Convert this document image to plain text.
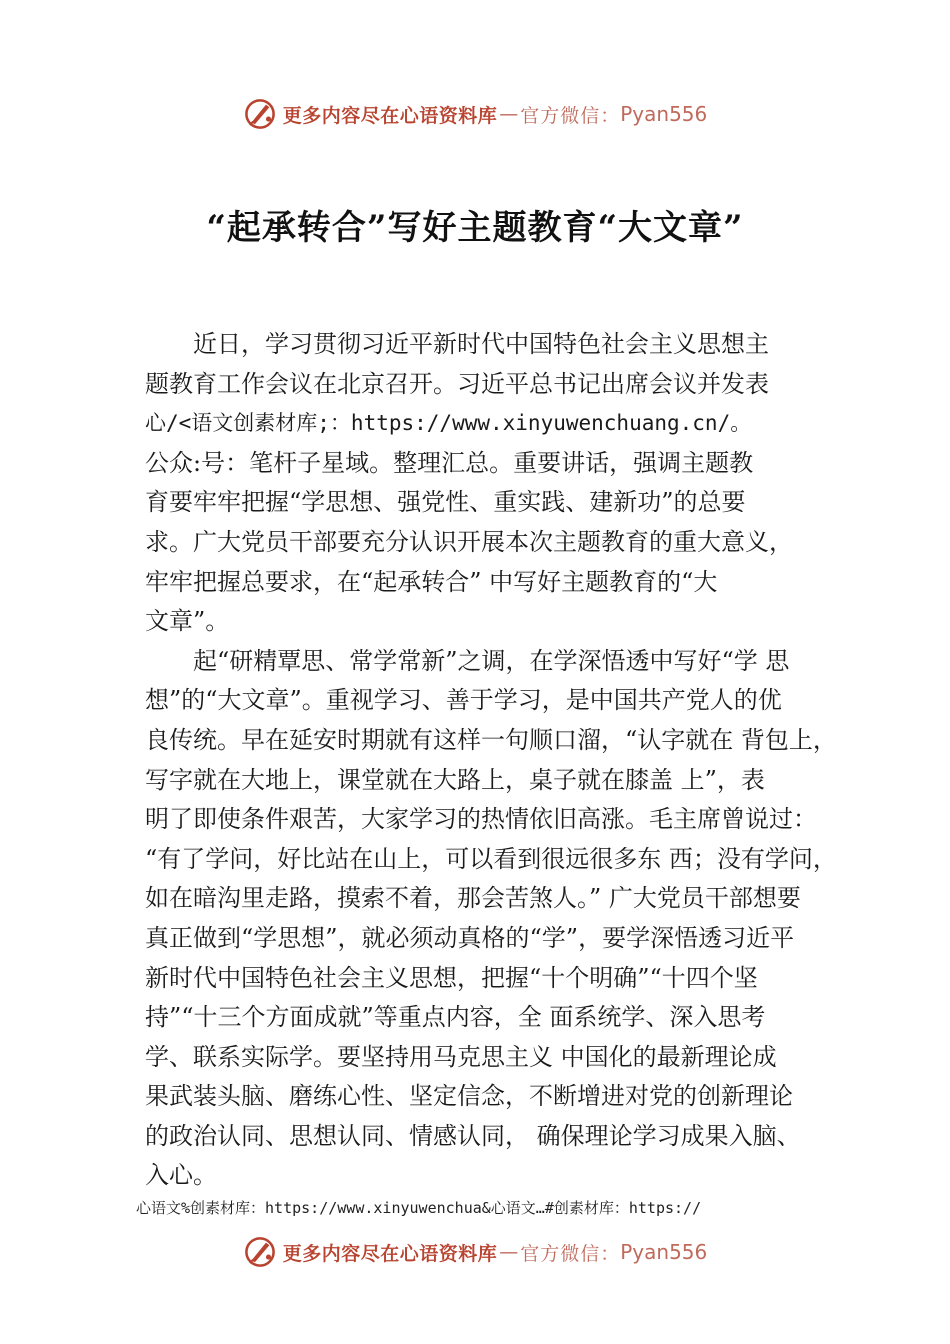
更多内容尽在心语资料库 — 官方微信： Pyan556
“起承转合”写好主题教育“大文章”
　　近日，学习贯彻习近平新时代中国特色社会主义思想主
题教育工作会议在北京召开。习近平总书记出席会议并发表
心/<语文创素材库;：https://www.xinyuwenchuang.cn/。
公众:号：笔杆子星域。整理汇总。重要讲话，强调主题教
育要牢牢把握“学思想、强党性、重实践、建新功”的总要
求。广大党员干部要充分认识开展本次主题教育的重大意义，
牢牢把握总要求，在“起承转合” 中写好主题教育的“大
文章”。
　　起“研精覃思、常学常新”之调，在学深悟透中写好“学 思
想”的“大文章”。重视学习、善于学习，是中国共产党人的优
良传统。早在延安时期就有这样一句顺口溜，“认字就在 背包上，
写字就在大地上，课堂就在大路上，桌子就在膝盖 上”，表
明了即使条件艰苦，大家学习的热情依旧高涨。毛主席曾说过：
“有了学问，好比站在山上，可以看到很远很多东 西；没有学问，
如在暗沟里走路，摸索不着，那会苦煞人。” 广大党员干部想要
真正做到“学思想”，就必须动真格的“学”，要学深悟透习近平
新时代中国特色社会主义思想，把握“十个明确”“十四个坚
持”“十三个方面成就”等重点内容，全 面系统学、深入思考
学、联系实际学。要坚持用马克思主义 中国化的最新理论成
果武装头脑、磨练心性、坚定信念，不断增进对党的创新理论
的政治认同、思想认同、情感认同， 确保理论学习成果入脑、
入心。
心语文%创素材库：https://www.xinyuwenchua&心语文…#创素材库：https://
更多内容尽在心语资料库 — 官方微信： Pyan556
